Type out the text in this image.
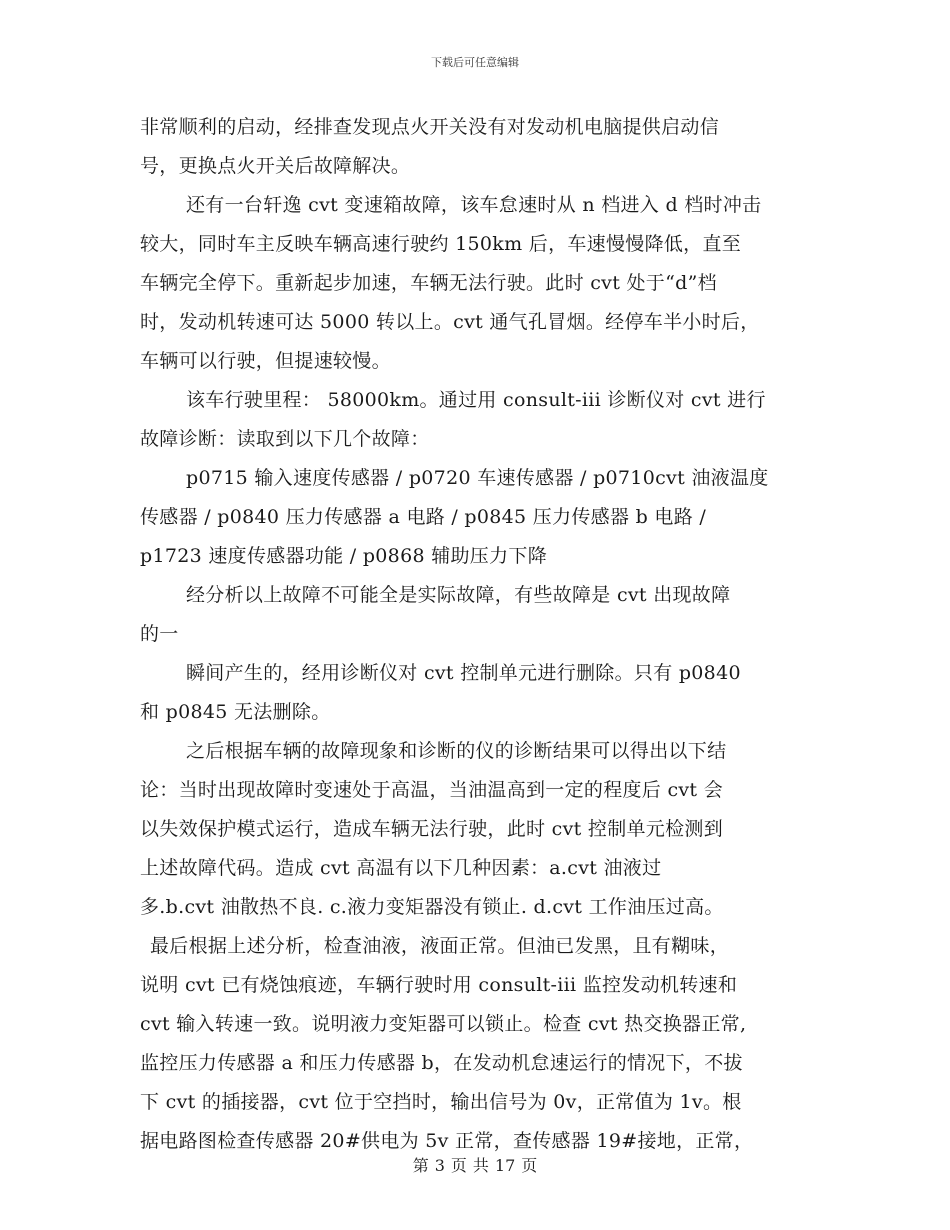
下载后可任意编辑
非常顺利的启动，经排查发现点火开关没有对发动机电脑提供启动信
号，更换点火开关后故障解决。
还有一台轩逸 cvt 变速箱故障，该车怠速时从 n 档进入 d 档时冲击
较大，同时车主反映车辆高速行驶约 150km 后，车速慢慢降低，直至
车辆完全停下。重新起步加速，车辆无法行驶。此时 cvt 处于“d”档
时，发动机转速可达 5000 转以上。cvt 通气孔冒烟。经停车半小时后，
车辆可以行驶，但提速较慢。
该车行驶里程： 58000km。通过用 consult-iii 诊断仪对 cvt 进行
故障诊断：读取到以下几个故障：
p0715 输入速度传感器 / p0720 车速传感器 / p0710cvt 油液温度
传感器 / p0840 压力传感器 a 电路 / p0845 压力传感器 b 电路 /
p1723 速度传感器功能 / p0868 辅助压力下降
经分析以上故障不可能全是实际故障，有些故障是 cvt 出现故障
的一
瞬间产生的，经用诊断仪对 cvt 控制单元进行删除。只有 p0840
和 p0845 无法删除。
之后根据车辆的故障现象和诊断的仪的诊断结果可以得出以下结
论：当时出现故障时变速处于高温，当油温高到一定的程度后 cvt 会
以失效保护模式运行，造成车辆无法行驶，此时 cvt 控制单元检测到
上述故障代码。造成 cvt 高温有以下几种因素：a.cvt 油液过
多.b.cvt 油散热不良. c.液力变矩器没有锁止. d.cvt 工作油压过高。
最后根据上述分析，检查油液，液面正常。但油已发黑，且有糊味，
说明 cvt 已有烧蚀痕迹，车辆行驶时用 consult-iii 监控发动机转速和
cvt 输入转速一致。说明液力变矩器可以锁止。检查 cvt 热交换器正常,
监控压力传感器 a 和压力传感器 b，在发动机怠速运行的情况下，不拔
下 cvt 的插接器，cvt 位于空挡时，输出信号为 0v，正常值为 1v。根
据电路图检查传感器 20#供电为 5v 正常，查传感器 19#接地，正常，
第 3 页 共 17 页
